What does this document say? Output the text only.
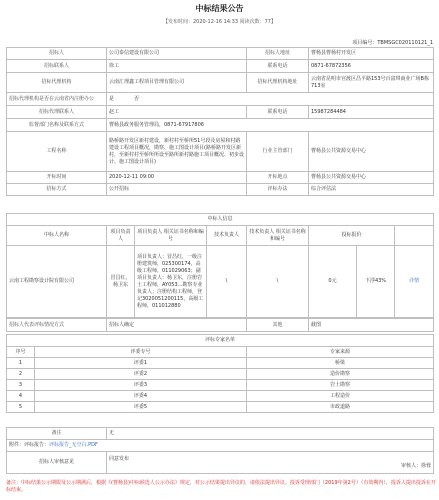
中标结果公告
【发布时间：2020-12-16 14:33 阅读次数：77】
项目编号：TBMSGC020110121_1
招标人	公司泰信建设有限公司	招标人地址	曹杨县曹杨村开发区
招标联系人	徐工	联系电话	0871-67872356
招标代理机构	云南汇理鑫工程项目管理有限公司	招标代理机构地址	云南省昆明市官渡区昌平路153号百富琪商业广场B栋713室
招标代理机构是否在云南省内注册办公	是　　　　否		
招标代理联系人	赵工	联系电话	15987284484
监督部门名称及联系方式	曹杨县政务服务管理局，0871-67917806		
工程名称	路桥路开发区新村建设，新村村至桥所51号段及房屋和村路建设工程项目概况，勘察、施工图设计项目(路桥路开发区新村，至新村村至桥所所设至路所新村路施工项目概况、初步设计、施工图设计项目)	行业主管部门	曹杨县公共资源交易中心
开标时间	2020-12-11 09:00	开标地点	曹杨县公共资源交易中心
招标方式	公开招标	评标办法	综合评估法
中标人信息							
中标人名称	项目负责人	项目负责人 相关证书名称和编号	技术负责人	技术负责人 相关证书名称和编号	投标报价		
云南工程勘察设计院有限公司	冒昌红、杨卫东	项目负责人：冒昌红，一级注册建筑师，025300174，高级工程师，011029063；副项目负责人：杨卫东，注册岩土工程师，AY053...勘察专业负责人；注册结构工程师，登记3020051200115，高级工程师，011012880	\	\	0元	下浮43%	详情
招标人代表评标情况方式	招标人确定	其他	截图
评标专家名单		
序号	评委专号	专家来源
1	评委1	桥梁
2	评委2	造价勘察
3	评委3	岩土勘察
4	评委4	工程造价
5	评委5	市政道路
备注	无
附件：评标报告：评标报告_无空白.PDF	
招标人审核意见	同意发布
审核人：徐蓉
备注：中标结果公示期限及公示期满后，根据《(曹杨县)中标候选人公示办法》规定，对公示结果提出异议的，请依法提出异议。投诉受理部门（2019年第2号）（有效期内），投诉人提出投诉在开标结束。
